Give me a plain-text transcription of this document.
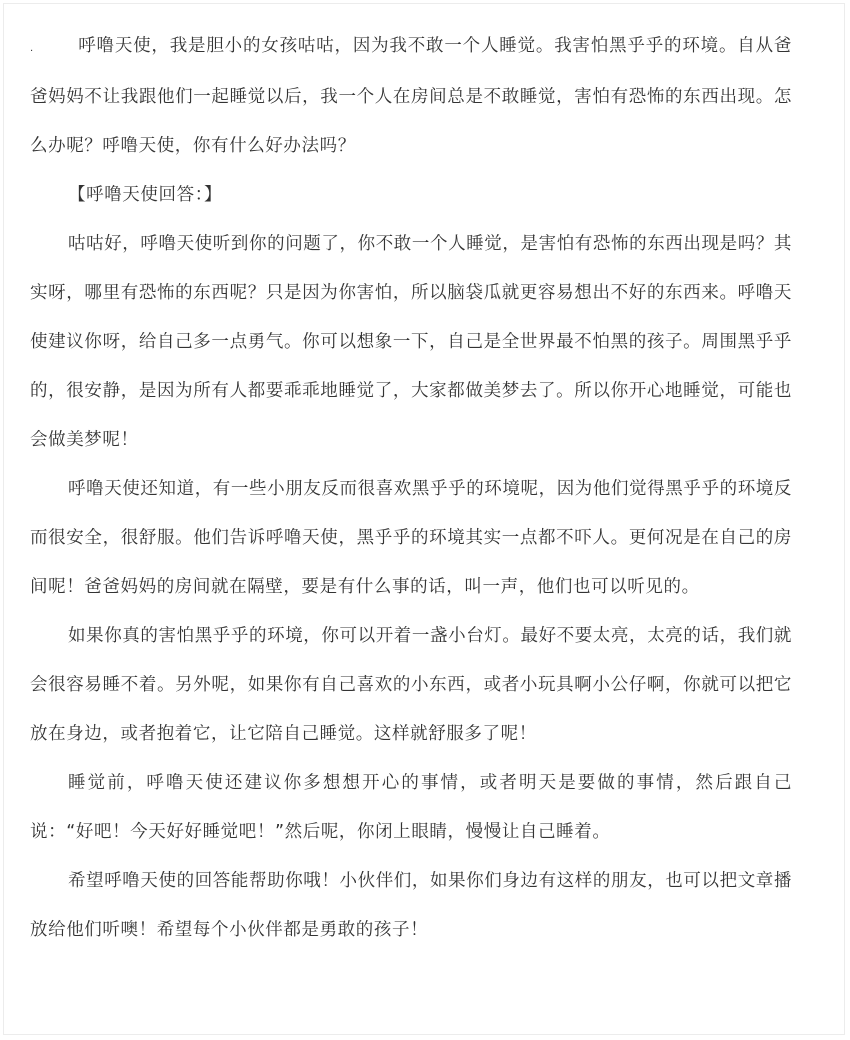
.	呼噜天使，我是胆小的女孩咕咕，因为我不敢一个人睡觉。我害怕黑乎乎的环境。自从爸爸妈妈不让我跟他们一起睡觉以后，我一个人在房间总是不敢睡觉，害怕有恐怖的东西出现。怎么办呢？呼噜天使，你有什么好办法吗？

【呼噜天使回答：】

咕咕好，呼噜天使听到你的问题了，你不敢一个人睡觉，是害怕有恐怖的东西出现是吗？其实呀，哪里有恐怖的东西呢？只是因为你害怕，所以脑袋瓜就更容易想出不好的东西来。呼噜天使建议你呀，给自己多一点勇气。你可以想象一下，自己是全世界最不怕黑的孩子。周围黑乎乎的，很安静，是因为所有人都要乖乖地睡觉了，大家都做美梦去了。所以你开心地睡觉，可能也会做美梦呢！

呼噜天使还知道，有一些小朋友反而很喜欢黑乎乎的环境呢，因为他们觉得黑乎乎的环境反而很安全，很舒服。他们告诉呼噜天使，黑乎乎的环境其实一点都不吓人。更何况是在自己的房间呢！爸爸妈妈的房间就在隔壁，要是有什么事的话，叫一声，他们也可以听见的。

如果你真的害怕黑乎乎的环境，你可以开着一盏小台灯。最好不要太亮，太亮的话，我们就会很容易睡不着。另外呢，如果你有自己喜欢的小东西，或者小玩具啊小公仔啊，你就可以把它放在身边，或者抱着它，让它陪自己睡觉。这样就舒服多了呢！

睡觉前，呼噜天使还建议你多想想开心的事情，或者明天是要做的事情，然后跟自己说：“好吧！今天好好睡觉吧！”然后呢，你闭上眼睛，慢慢让自己睡着。

希望呼噜天使的回答能帮助你哦！小伙伴们，如果你们身边有这样的朋友，也可以把文章播放给他们听噢！希望每个小伙伴都是勇敢的孩子！
